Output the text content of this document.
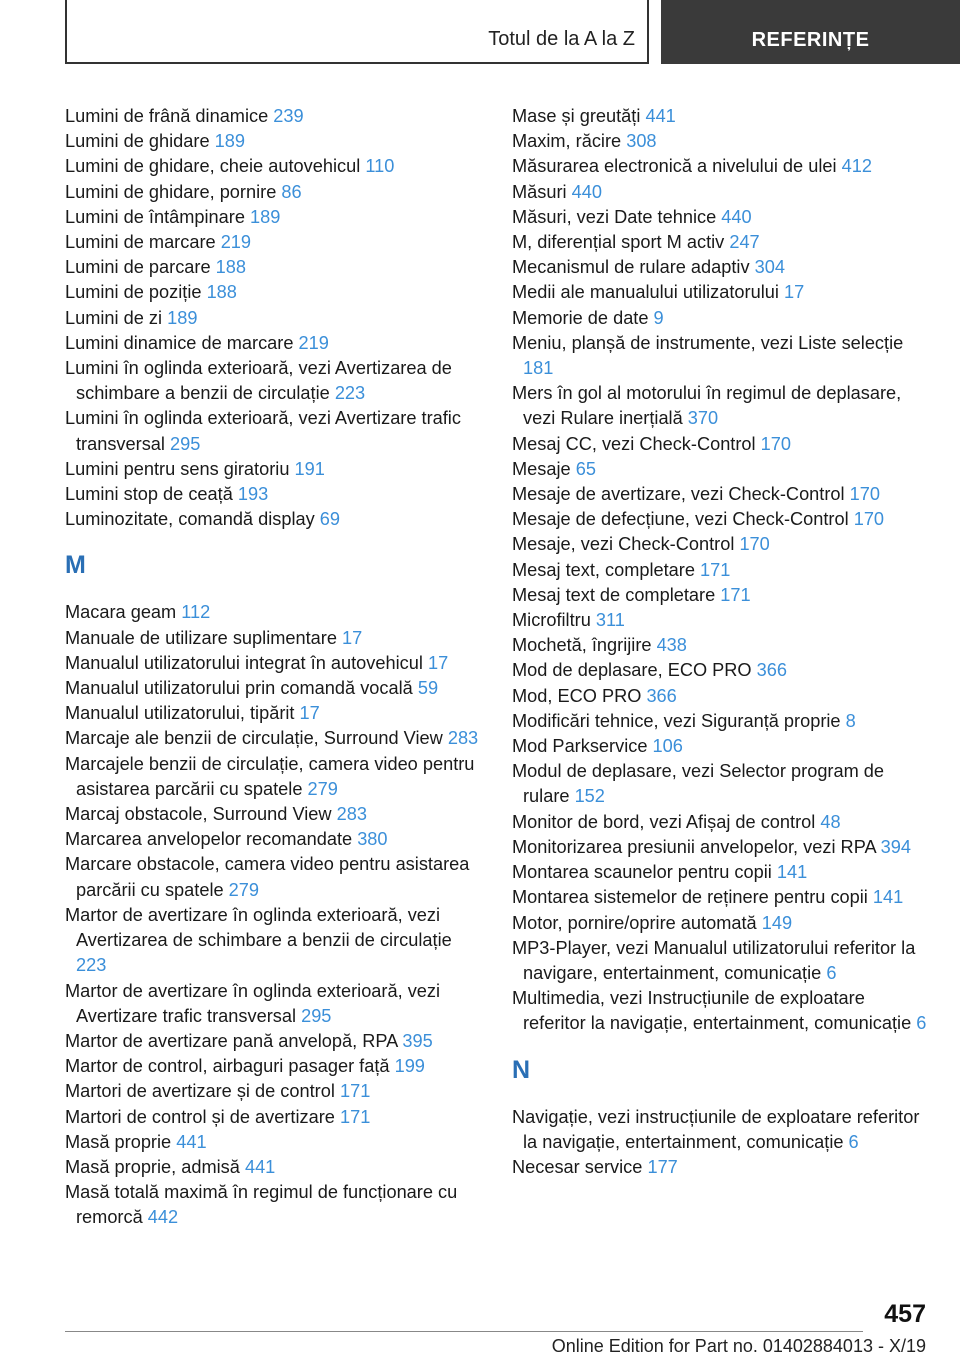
Totul de la A la Z	REFERINȚE

Lumini de frână dinamice 239

Lumini de ghidare 189

Lumini de ghidare, cheie autovehicul 110

Lumini de ghidare, pornire 86

Lumini de întâmpinare 189

Lumini de marcare 219

Lumini de parcare 188

Lumini de poziție 188

Lumini de zi 189

Lumini dinamice de marcare 219

Lumini în oglinda exterioară, vezi Avertizarea de schimbare a benzii de circulație 223

Lumini în oglinda exterioară, vezi Avertizare trafic transversal 295

Lumini pentru sens giratoriu 191

Lumini stop de ceață 193

Luminozitate, comandă display 69

M

Macara geam 112

Manuale de utilizare suplimentare 17

Manualul utilizatorului integrat în autovehicul 17

Manualul utilizatorului prin comandă vocală 59

Manualul utilizatorului, tipărit 17

Marcaje ale benzii de circulație, Surround View 283

Marcajele benzii de circulație, camera video pentru asistarea parcării cu spatele 279

Marcaj obstacole, Surround View 283

Marcarea anvelopelor recomandate 380

Marcare obstacole, camera video pentru asistarea parcării cu spatele 279

Martor de avertizare în oglinda exterioară, vezi Avertizarea de schimbare a benzii de circulație 223

Martor de avertizare în oglinda exterioară, vezi Avertizare trafic transversal 295

Martor de avertizare pană anvelopă, RPA 395

Martor de control, airbaguri pasager față 199

Martori de avertizare și de control 171

Martori de control și de avertizare 171

Masă proprie 441

Masă proprie, admisă 441

Masă totală maximă în regimul de funcționare cu remorcă 442

Mase și greutăți 441

Maxim, răcire 308

Măsurarea electronică a nivelului de ulei 412

Măsuri 440

Măsuri, vezi Date tehnice 440

M, diferențial sport M activ 247

Mecanismul de rulare adaptiv 304

Medii ale manualului utilizatorului 17

Memorie de date 9

Meniu, planșă de instrumente, vezi Liste selecție 181

Mers în gol al motorului în regimul de deplasare, vezi Rulare inerțială 370

Mesaj CC, vezi Check-Control 170

Mesaje 65

Mesaje de avertizare, vezi Check-Control 170

Mesaje de defecțiune, vezi Check-Control 170

Mesaje, vezi Check-Control 170

Mesaj text, completare 171

Mesaj text de completare 171

Microfiltru 311

Mochetă, îngrijire 438

Mod de deplasare, ECO PRO 366

Mod, ECO PRO 366

Modificări tehnice, vezi Siguranță proprie 8

Mod Parkservice 106

Modul de deplasare, vezi Selector program de rulare 152

Monitor de bord, vezi Afișaj de control 48

Monitorizarea presiunii anvelopelor, vezi RPA 394

Montarea scaunelor pentru copii 141

Montarea sistemelor de reținere pentru copii 141

Motor, pornire/oprire automată 149

MP3-Player, vezi Manualul utilizatorului referitor la navigare, entertainment, comunicație 6

Multimedia, vezi Instrucțiunile de exploatare referitor la navigație, entertainment, comunicație 6

N

Navigație, vezi instrucțiunile de exploatare referitor la navigație, entertainment, comunicație 6

Necesar service 177

457
Online Edition for Part no. 01402884013 - X/19
